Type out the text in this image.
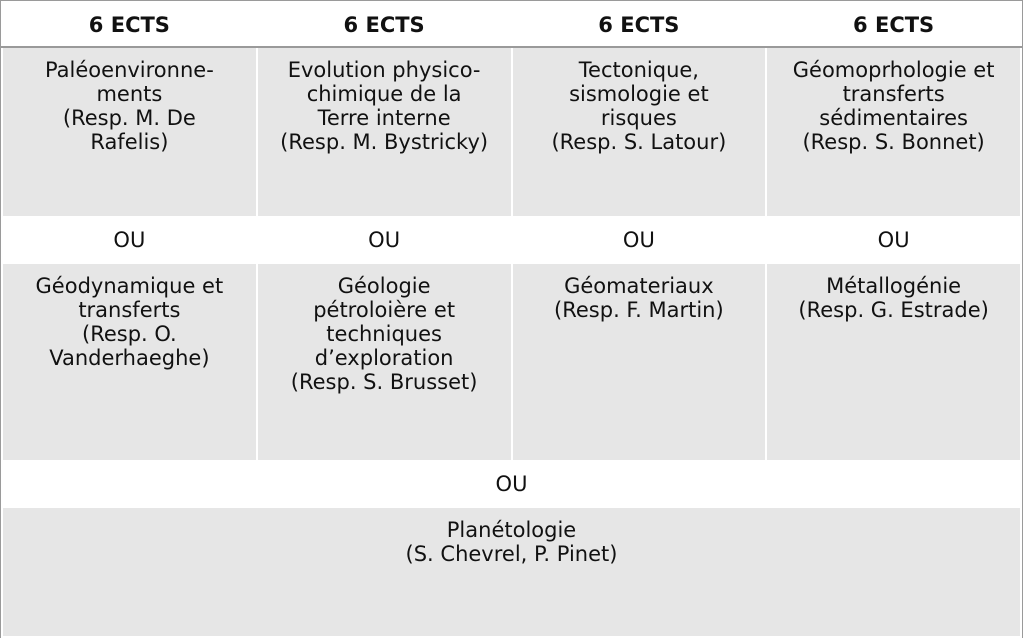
6 ECTS	6 ECTS	6 ECTS	6 ECTS
Paléoenvironne-
ments
(Resp. M. De
Rafelis)	Evolution physico-
chimique de la
Terre interne
(Resp. M. Bystricky)	Tectonique,
sismologie et
risques
(Resp. S. Latour)	Géomoprhologie et
transferts
sédimentaires
(Resp. S. Bonnet)
OU	OU	OU	OU
Géodynamique et
transferts
(Resp. O.
Vanderhaeghe)	Géologie
pétroloière et
techniques
d’exploration
(Resp. S. Brusset)	Géomateriaux
(Resp. F. Martin)	Métallogénie
(Resp. G. Estrade)
OU			
Planétologie
(S. Chevrel, P. Pinet)			
